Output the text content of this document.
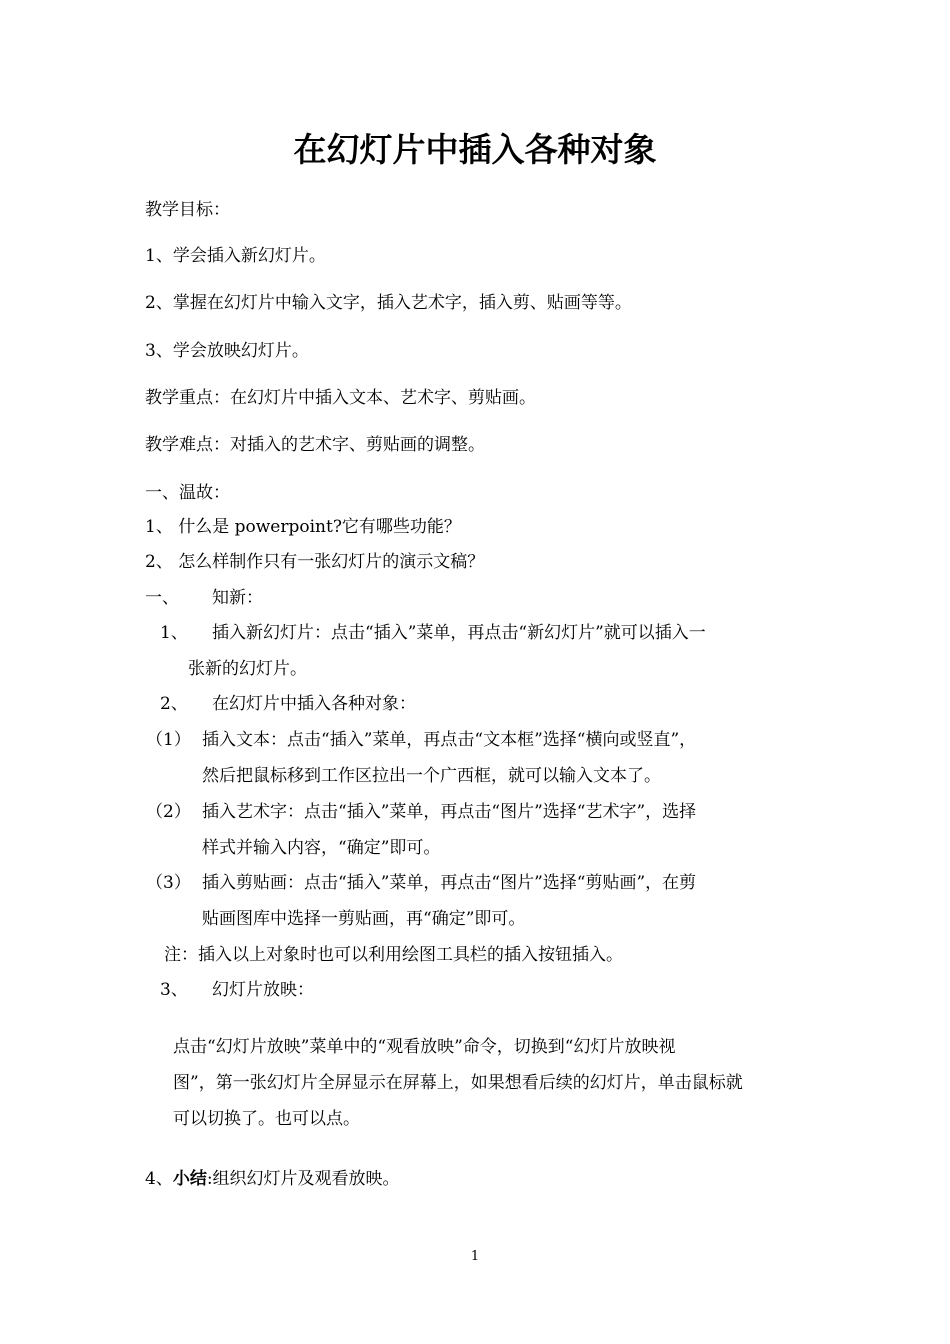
在幻灯片中插入各种对象
教学目标：
1、学会插入新幻灯片。
2、掌握在幻灯片中输入文字，插入艺术字，插入剪、贴画等等。
3、学会放映幻灯片。
教学重点：在幻灯片中插入文本、艺术字、剪贴画。
教学难点：对插入的艺术字、剪贴画的调整。
一、温故：
1、 什么是 powerpoint?它有哪些功能？
2、 怎么样制作只有一张幻灯片的演示文稿？
一、 知新：
1、 插入新幻灯片：点击“插入”菜单，再点击“新幻灯片”就可以插入一
张新的幻灯片。
2、 在幻灯片中插入各种对象：
（1） 插入文本：点击“插入”菜单，再点击“文本框”选择“横向或竖直”，
然后把鼠标移到工作区拉出一个广西框，就可以输入文本了。
（2） 插入艺术字：点击“插入”菜单，再点击“图片”选择“艺术字”，选择
样式并输入内容，“确定”即可。
（3） 插入剪贴画：点击“插入”菜单，再点击“图片”选择“剪贴画”，在剪
贴画图库中选择一剪贴画，再“确定”即可。
注：插入以上对象时也可以利用绘图工具栏的插入按钮插入。
3、 幻灯片放映：
点击“幻灯片放映”菜单中的“观看放映”命令，切换到“幻灯片放映视
图”，第一张幻灯片全屏显示在屏幕上，如果想看后续的幻灯片，单击鼠标就
可以切换了。也可以点。
4、小结:组织幻灯片及观看放映。
1
